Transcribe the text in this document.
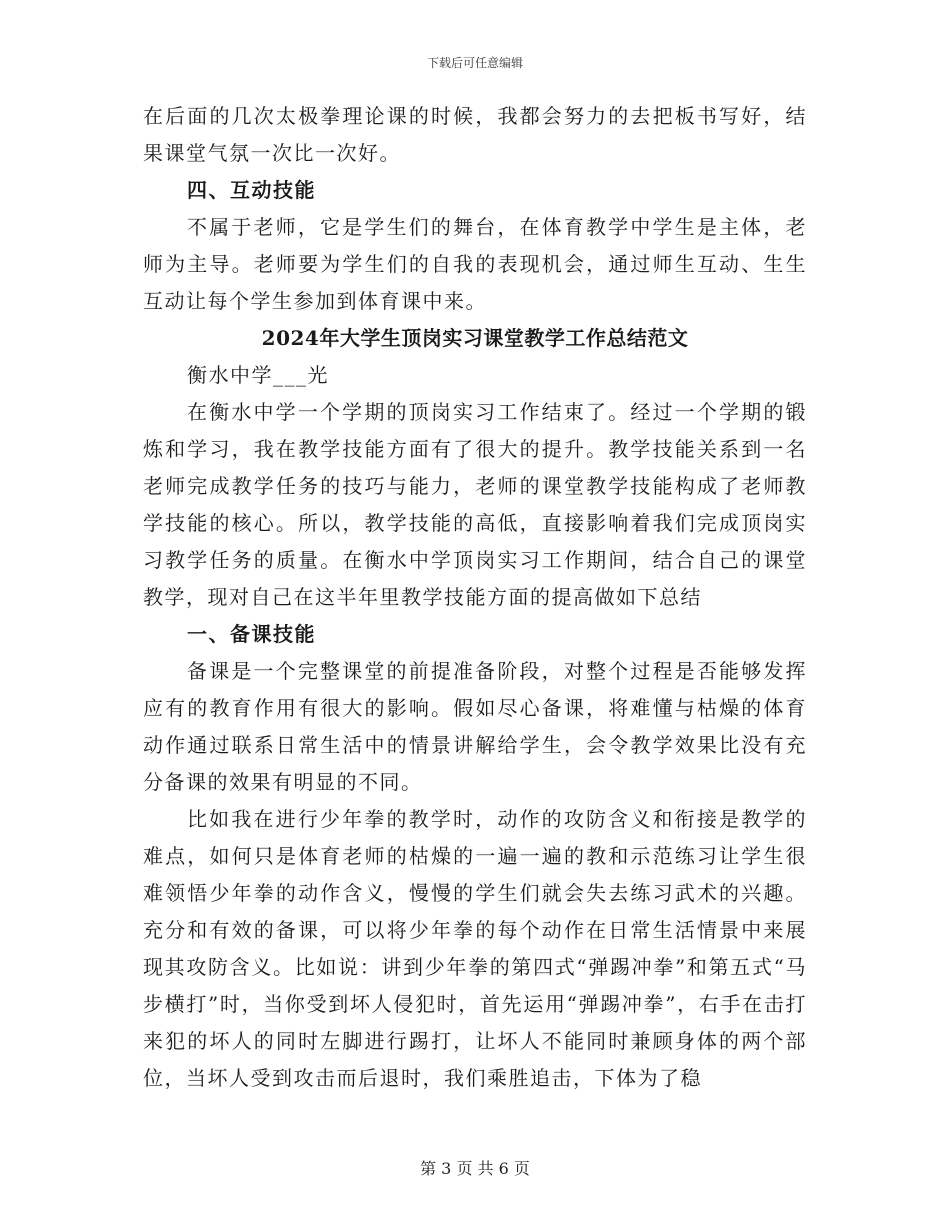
下载后可任意编辑

在后面的几次太极拳理论课的时候，我都会努力的去把板书写好，结果课堂气氛一次比一次好。

四、互动技能

不属于老师，它是学生们的舞台，在体育教学中学生是主体，老师为主导。老师要为学生们的自我的表现机会，通过师生互动、生生互动让每个学生参加到体育课中来。

2024年大学生顶岗实习课堂教学工作总结范文

衡水中学___光

在衡水中学一个学期的顶岗实习工作结束了。经过一个学期的锻炼和学习，我在教学技能方面有了很大的提升。教学技能关系到一名老师完成教学任务的技巧与能力，老师的课堂教学技能构成了老师教学技能的核心。所以，教学技能的高低，直接影响着我们完成顶岗实习教学任务的质量。在衡水中学顶岗实习工作期间，结合自己的课堂教学，现对自己在这半年里教学技能方面的提高做如下总结

一、备课技能

备课是一个完整课堂的前提准备阶段，对整个过程是否能够发挥应有的教育作用有很大的影响。假如尽心备课，将难懂与枯燥的体育动作通过联系日常生活中的情景讲解给学生，会令教学效果比没有充分备课的效果有明显的不同。

比如我在进行少年拳的教学时，动作的攻防含义和衔接是教学的难点，如何只是体育老师的枯燥的一遍一遍的教和示范练习让学生很难领悟少年拳的动作含义，慢慢的学生们就会失去练习武术的兴趣。充分和有效的备课，可以将少年拳的每个动作在日常生活情景中来展现其攻防含义。比如说：讲到少年拳的第四式“弹踢冲拳”和第五式“马步横打”时，当你受到坏人侵犯时，首先运用“弹踢冲拳”，右手在击打来犯的坏人的同时左脚进行踢打，让坏人不能同时兼顾身体的两个部位，当坏人受到攻击而后退时，我们乘胜追击，下体为了稳

第 3 页 共 6 页
